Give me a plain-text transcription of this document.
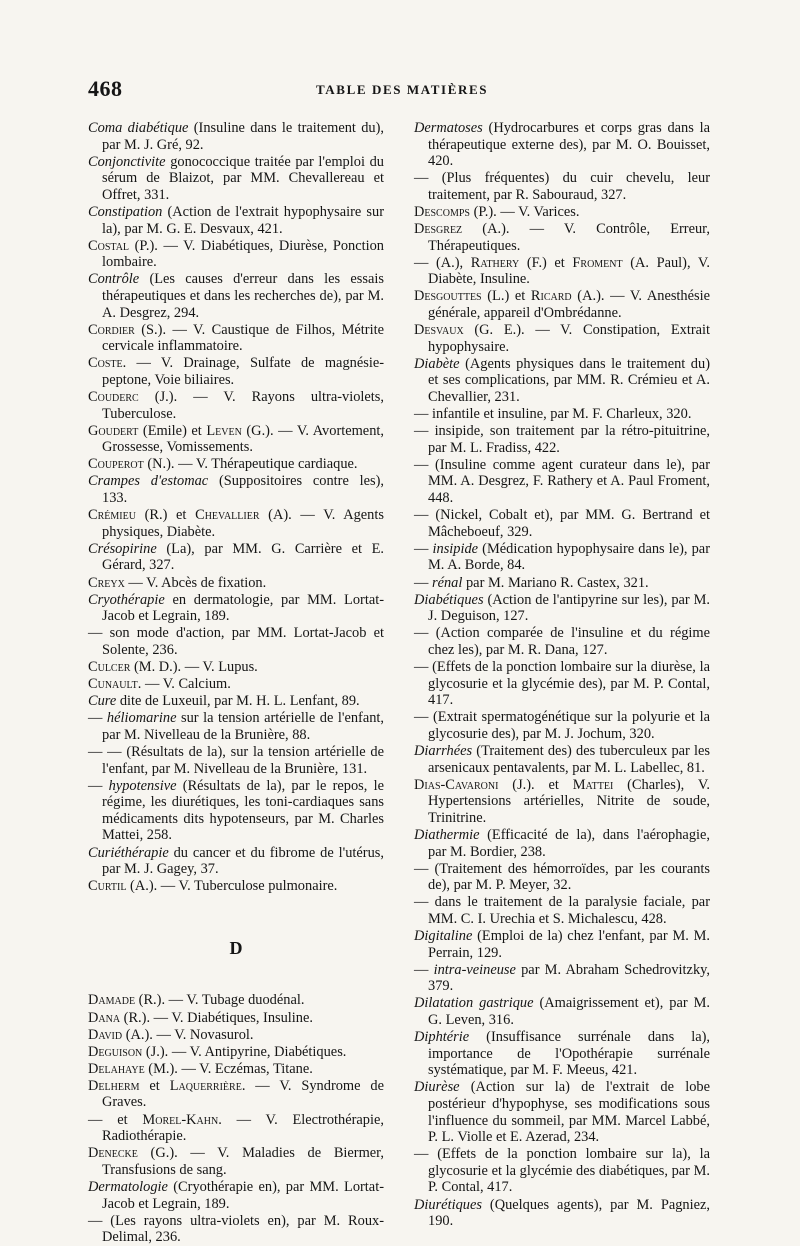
468	TABLE DES MATIÈRES

Coma diabétique (Insuline dans le traitement du), par M. J. Gré, 92.

Conjonctivite gonococcique traitée par l'emploi du sérum de Blaizot, par MM. Chevallereau et Offret, 331.

Constipation (Action de l'extrait hypophysaire sur la), par M. G. E. Desvaux, 421.

Costal (P.). — V. Diabétiques, Diurèse, Ponction lombaire.

Contrôle (Les causes d'erreur dans les essais thérapeutiques et dans les recherches de), par M. A. Desgrez, 294.

Cordier (S.). — V. Caustique de Filhos, Métrite cervicale inflammatoire.

Coste. — V. Drainage, Sulfate de magnésie-peptone, Voie biliaires.

Couderc (J.). — V. Rayons ultra-violets, Tuberculose.

Goudert (Emile) et Leven (G.). — V. Avortement, Grossesse, Vomissements.

Couperot (N.). — V. Thérapeutique cardiaque.

Crampes d'estomac (Suppositoires contre les), 133.

Crémieu (R.) et Chevallier (A). — V. Agents physiques, Diabète.

Crésopirine (La), par MM. G. Carrière et E. Gérard, 327.

Creyx — V. Abcès de fixation.

Cryothérapie en dermatologie, par MM. Lortat-Jacob et Legrain, 189.

— son mode d'action, par MM. Lortat-Jacob et Solente, 236.

Culcer (M. D.). — V. Lupus.

Cunault. — V. Calcium.

Cure dite de Luxeuil, par M. H. L. Lenfant, 89.

— héliomarine sur la tension artérielle de l'enfant, par M. Nivelleau de la Brunière, 88.

— — (Résultats de la), sur la tension artérielle de l'enfant, par M. Nivelleau de la Brunière, 131.

— hypotensive (Résultats de la), par le repos, le régime, les diurétiques, les toni-cardiaques sans médicaments dits hypotenseurs, par M. Charles Mattei, 258.

Curiéthérapie du cancer et du fibrome de l'utérus, par M. J. Gagey, 37.

Curtil (A.). — V. Tuberculose pulmonaire.

D

Damade (R.). — V. Tubage duodénal.

Dana (R.). — V. Diabétiques, Insuline.

David (A.). — V. Novasurol.

Deguison (J.). — V. Antipyrine, Diabétiques.

Delahaye (M.). — V. Eczémas, Titane.

Delherm et Laquerrière. — V. Syndrome de Graves.

— et Morel-Kahn. — V. Electrothérapie, Radiothérapie.

Denecke (G.). — V. Maladies de Biermer, Transfusions de sang.

Dermatologie (Cryothérapie en), par MM. Lortat-Jacob et Legrain, 189.

— (Les rayons ultra-violets en), par M. Roux-Delimal, 236.

Dermatoses (Hydrocarbures et corps gras dans la thérapeutique externe des), par M. O. Bouisset, 420.

— (Plus fréquentes) du cuir chevelu, leur traitement, par R. Sabouraud, 327.

Descomps (P.). — V. Varices.

Desgrez (A.). — V. Contrôle, Erreur, Thérapeutiques.

— (A.), Rathery (F.) et Froment (A. Paul), V. Diabète, Insuline.

Desgouttes (L.) et Ricard (A.). — V. Anesthésie générale, appareil d'Ombrédanne.

Desvaux (G. E.). — V. Constipation, Extrait hypophysaire.

Diabète (Agents physiques dans le traitement du) et ses complications, par MM. R. Crémieu et A. Chevallier, 231.

— infantile et insuline, par M. F. Charleux, 320.

— insipide, son traitement par la rétro-pituitrine, par M. L. Fradiss, 422.

— (Insuline comme agent curateur dans le), par MM. A. Desgrez, F. Rathery et A. Paul Froment, 448.

— (Nickel, Cobalt et), par MM. G. Bertrand et Mâcheboeuf, 329.

— insipide (Médication hypophysaire dans le), par M. A. Borde, 84.

— rénal par M. Mariano R. Castex, 321.

Diabétiques (Action de l'antipyrine sur les), par M. J. Deguison, 127.

— (Action comparée de l'insuline et du régime chez les), par M. R. Dana, 127.

— (Effets de la ponction lombaire sur la diurèse, la glycosurie et la glycémie des), par M. P. Contal, 417.

— (Extrait spermatogénétique sur la polyurie et la glycosurie des), par M. J. Jochum, 320.

Diarrhées (Traitement des) des tuberculeux par les arsenicaux pentavalents, par M. L. Labellec, 81.

Dias-Cavaroni (J.). et Mattei (Charles), V. Hypertensions artérielles, Nitrite de soude, Trinitrine.

Diathermie (Efficacité de la), dans l'aérophagie, par M. Bordier, 238.

— (Traitement des hémorroïdes, par les courants de), par M. P. Meyer, 32.

— dans le traitement de la paralysie faciale, par MM. C. I. Urechia et S. Michalescu, 428.

Digitaline (Emploi de la) chez l'enfant, par M. M. Perrain, 129.

— intra-veineuse par M. Abraham Schedrovitzky, 379.

Dilatation gastrique (Amaigrissement et), par M. G. Leven, 316.

Diphtérie (Insuffisance surrénale dans la), importance de l'Opothérapie surrénale systématique, par M. F. Meeus, 421.

Diurèse (Action sur la) de l'extrait de lobe postérieur d'hypophyse, ses modifications sous l'influence du sommeil, par MM. Marcel Labbé, P. L. Violle et E. Azerad, 234.

— (Effets de la ponction lombaire sur la), la glycosurie et la glycémie des diabétiques, par M. P. Contal, 417.

Diurétiques (Quelques agents), par M. Pagniez, 190.
